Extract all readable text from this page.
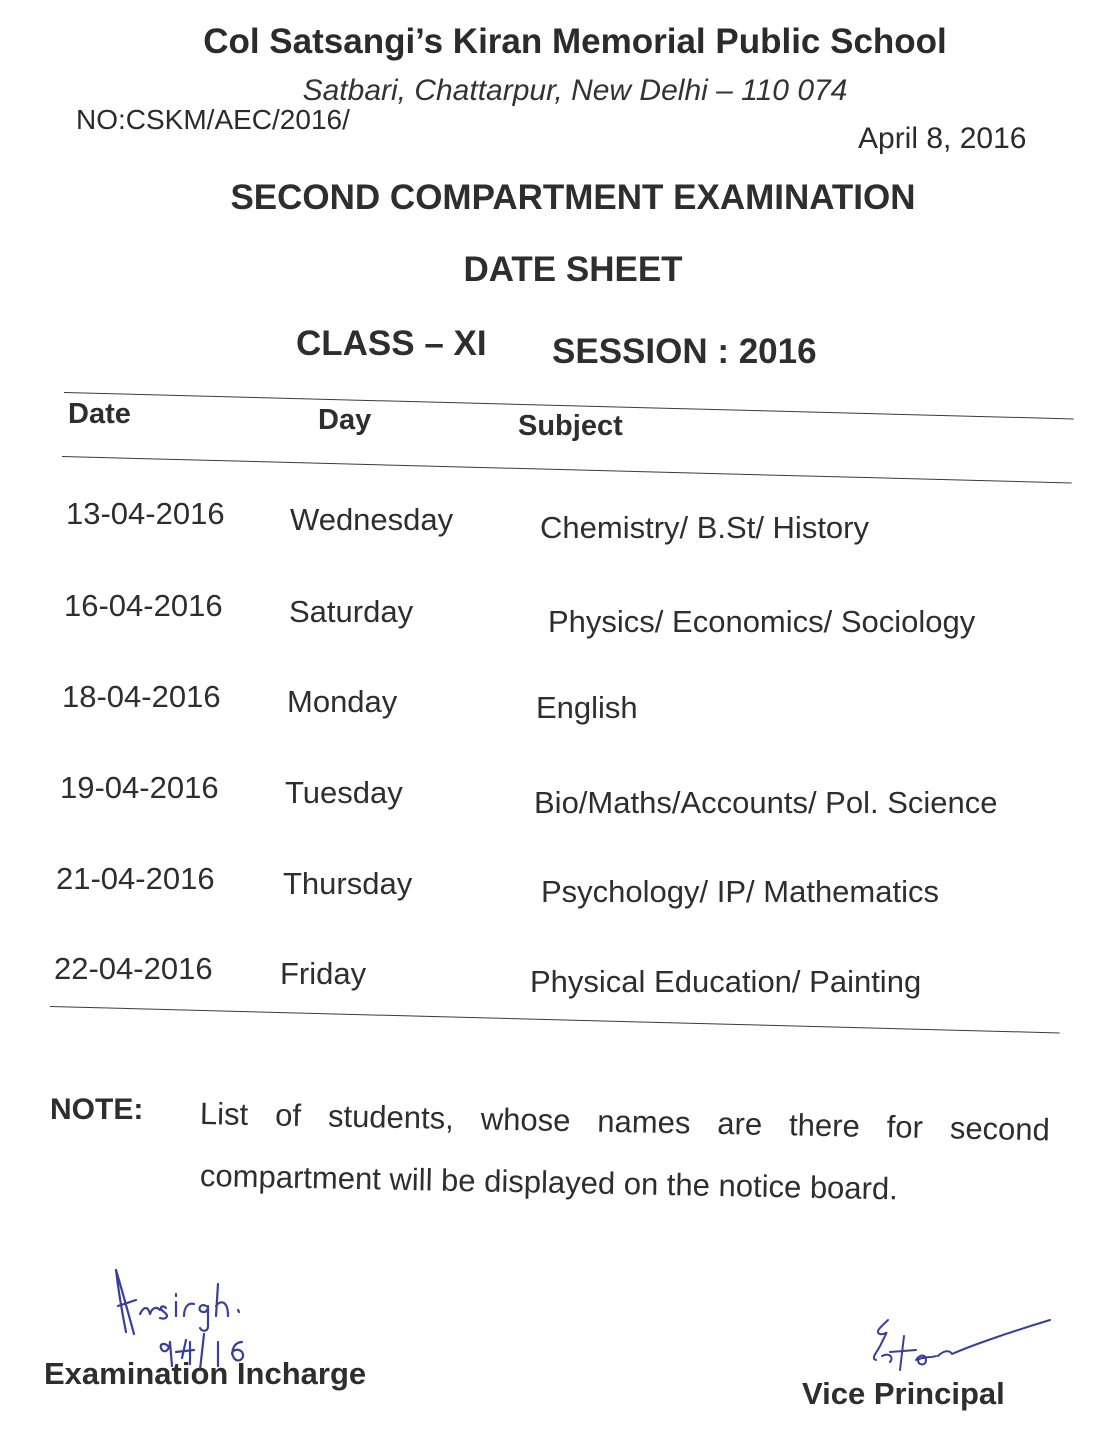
Col Satsangi’s Kiran Memorial Public School
Satbari, Chattarpur, New Delhi – 110 074
NO:CSKM/AEC/2016/
April 8, 2016
SECOND COMPARTMENT EXAMINATION
DATE SHEET
CLASS – XI SESSION : 2016
Date	Day	Subject
13-04-2016 Wednesday	Chemistry/ B.St/ History
16-04-2016 Saturday	Physics/ Economics/ Sociology
18-04-2016 Monday	English
19-04-2016 Tuesday	Bio/Maths/Accounts/ Pol. Science
21-04-2016 Thursday	Psychology/ IP/ Mathematics
22-04-2016 Friday	Physical Education/ Painting
NOTE: List of students, whose names are there for second
compartment will be displayed on the notice board.
Examination Incharge
Vice Principal
